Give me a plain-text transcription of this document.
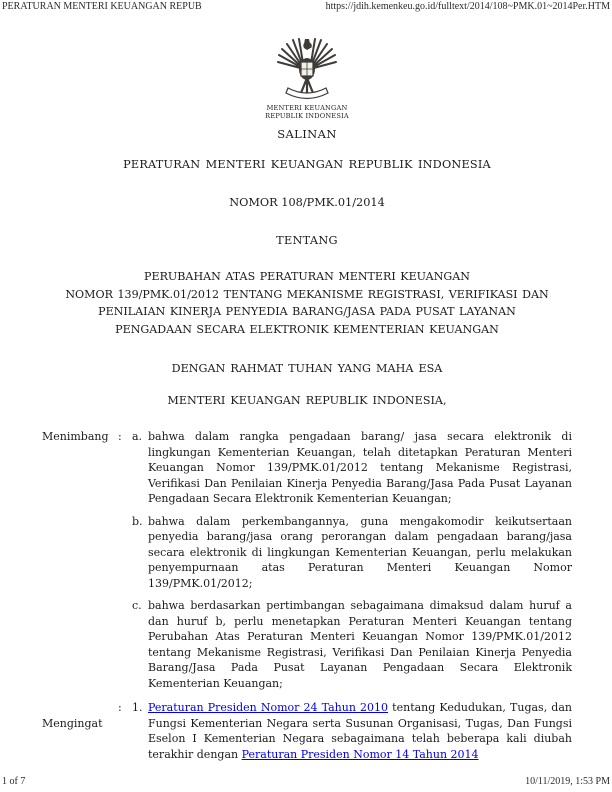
PERATURAN MENTERI KEUANGAN REPUB	https://jdih.kemenkeu.go.id/fulltext/2014/108~PMK.01~2014Per.HTM
MENTERI KEUANGAN
REPUBLIK INDONESIA
SALINAN
PERATURAN MENTERI KEUANGAN REPUBLIK INDONESIA
NOMOR 108/PMK.01/2014
TENTANG
PERUBAHAN ATAS PERATURAN MENTERI KEUANGAN
NOMOR 139/PMK.01/2012 TENTANG MEKANISME REGISTRASI, VERIFIKASI DAN
PENILAIAN KINERJA PENYEDIA BARANG/JASA PADA PUSAT LAYANAN
PENGADAAN SECARA ELEKTRONIK KEMENTERIAN KEUANGAN
DENGAN RAHMAT TUHAN YANG MAHA ESA
MENTERI KEUANGAN REPUBLIK INDONESIA,
Menimbang : a. bahwa dalam rangka pengadaan barang/ jasa secara elektronik di lingkungan Kementerian Keuangan, telah ditetapkan Peraturan Menteri Keuangan Nomor 139/PMK.01/2012 tentang Mekanisme Registrasi, Verifikasi Dan Penilaian Kinerja Penyedia Barang/Jasa Pada Pusat Layanan Pengadaan Secara Elektronik Kementerian Keuangan;
b. bahwa dalam perkembangannya, guna mengakomodir keikutsertaan penyedia barang/jasa orang perorangan dalam pengadaan barang/jasa secara elektronik di lingkungan Kementerian Keuangan, perlu melakukan penyempurnaan atas Peraturan Menteri Keuangan Nomor 139/PMK.01/2012;
c. bahwa berdasarkan pertimbangan sebagaimana dimaksud dalam huruf a dan huruf b, perlu menetapkan Peraturan Menteri Keuangan tentang Perubahan Atas Peraturan Menteri Keuangan Nomor 139/PMK.01/2012 tentang Mekanisme Registrasi, Verifikasi Dan Penilaian Kinerja Penyedia Barang/Jasa Pada Pusat Layanan Pengadaan Secara Elektronik Kementerian Keuangan;
Mengingat
: 1. Peraturan Presiden Nomor 24 Tahun 2010 tentang Kedudukan, Tugas, dan Fungsi Kementerian Negara serta Susunan Organisasi, Tugas, Dan Fungsi Eselon I Kementerian Negara sebagaimana telah beberapa kali diubah terakhir dengan Peraturan Presiden Nomor 14 Tahun 2014
1 of 7	10/11/2019, 1:53 PM
